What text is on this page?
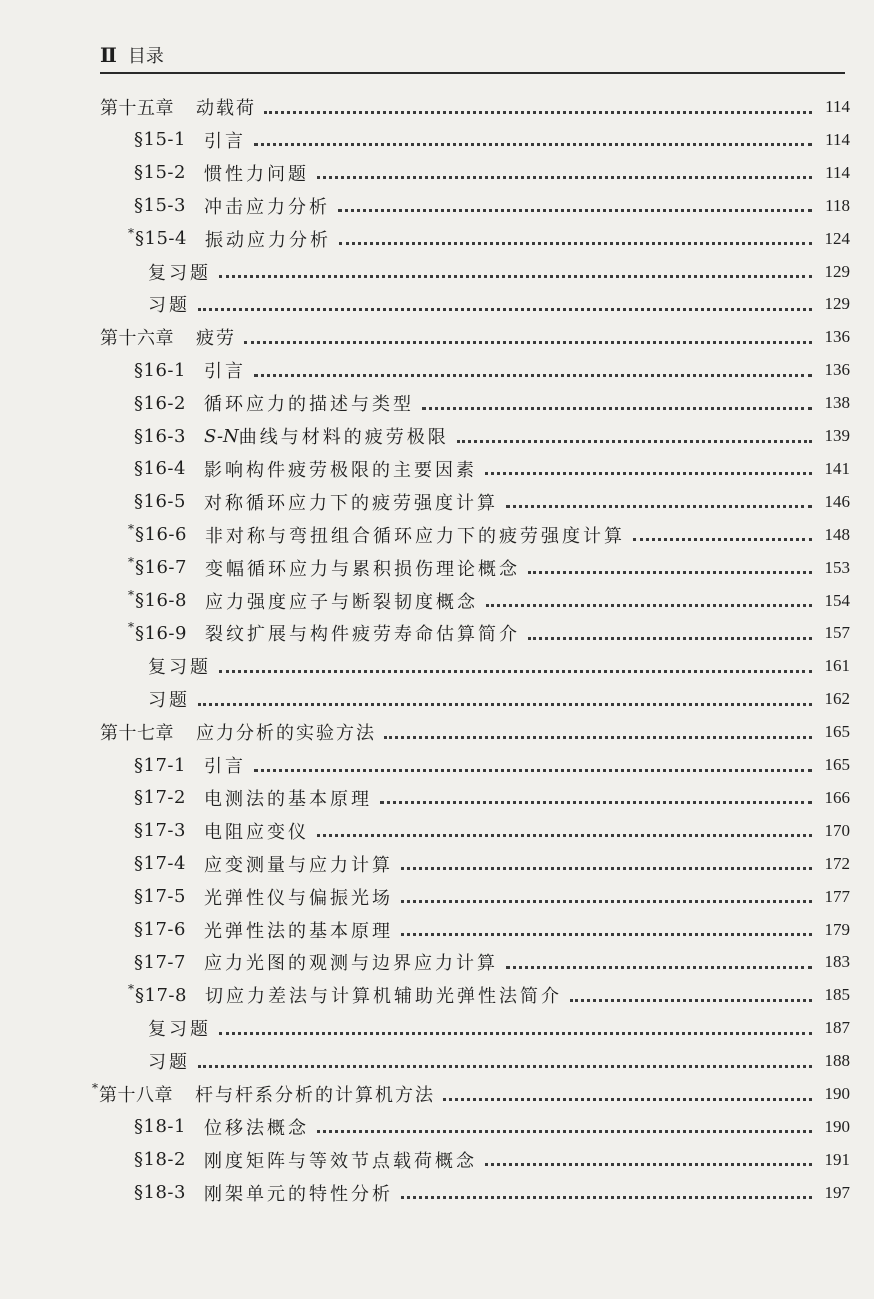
Ⅱ 目录
第十五章 动载荷	114
§15-1 引言	114
§15-2 惯性力问题	114
§15-3 冲击应力分析	118
* §15-4 振动应力分析	124
复习题	129
习题	129
第十六章 疲劳	136
§16-1 引言	136
§16-2 循环应力的描述与类型	138
§16-3 S-N 曲线与材料的疲劳极限	139
§16-4 影响构件疲劳极限的主要因素	141
§16-5 对称循环应力下的疲劳强度计算	146
* §16-6 非对称与弯扭组合循环应力下的疲劳强度计算	148
* §16-7 变幅循环应力与累积损伤理论概念	153
* §16-8 应力强度应子与断裂韧度概念	154
* §16-9 裂纹扩展与构件疲劳寿命估算简介	157
复习题	161
习题	162
第十七章 应力分析的实验方法	165
§17-1 引言	165
§17-2 电测法的基本原理	166
§17-3 电阻应变仪	170
§17-4 应变测量与应力计算	172
§17-5 光弹性仪与偏振光场	177
§17-6 光弹性法的基本原理	179
§17-7 应力光图的观测与边界应力计算	183
* §17-8 切应力差法与计算机辅助光弹性法简介	185
复习题	187
习题	188
* 第十八章 杆与杆系分析的计算机方法	190
§18-1 位移法概念	190
§18-2 刚度矩阵与等效节点载荷概念	191
§18-3 刚架单元的特性分析	197
